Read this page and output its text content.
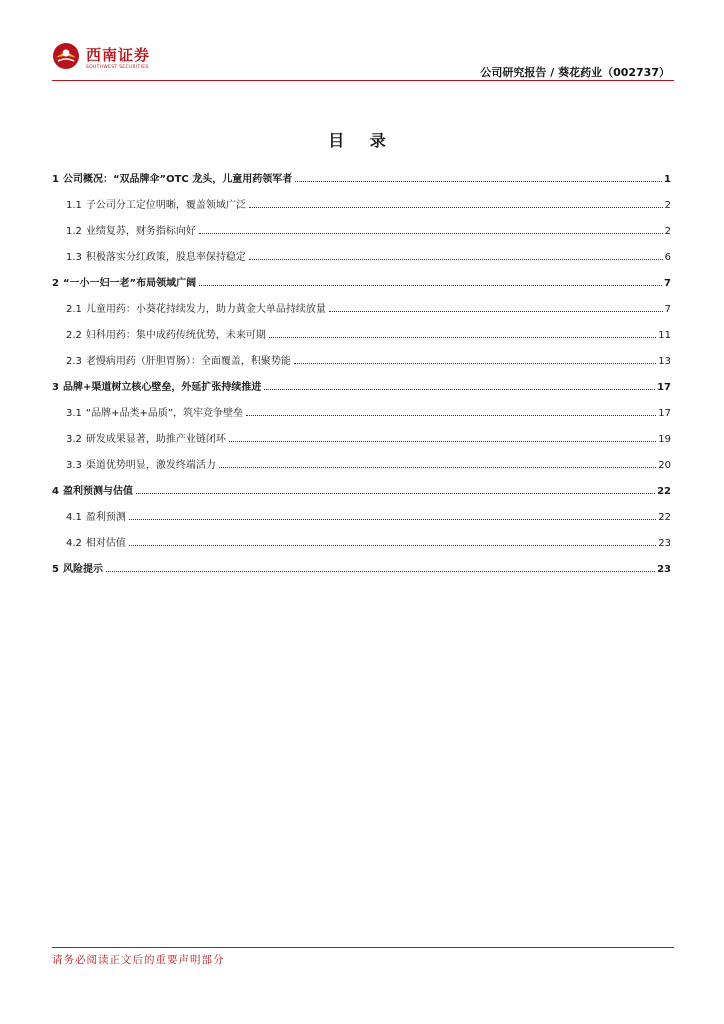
西南证券
SOUTHWEST SECURITIES	公司研究报告 / 葵花药业（002737）
目 录
1 公司概况：“双品牌伞”OTC 龙头，儿童用药领军者	1
1.1 子公司分工定位明晰，覆盖领域广泛	2
1.2 业绩复苏，财务指标向好	2
1.3 积极落实分红政策，股息率保持稳定	6
2 “一小一妇一老”布局领域广阔	7
2.1 儿童用药：小葵花持续发力，助力黄金大单品持续放量	7
2.2 妇科用药：集中成药传统优势，未来可期	11
2.3 老慢病用药（肝胆胃肠）：全面覆盖，积聚势能	13
3 品牌+渠道树立核心壁垒，外延扩张持续推进	17
3.1 “品牌+品类+品质”，筑牢竞争壁垒	17
3.2 研发成果显著，助推产业链闭环	19
3.3 渠道优势明显，激发终端活力	20
4 盈利预测与估值	22
4.1 盈利预测	22
4.2 相对估值	23
5 风险提示	23
请务必阅读正文后的重要声明部分
